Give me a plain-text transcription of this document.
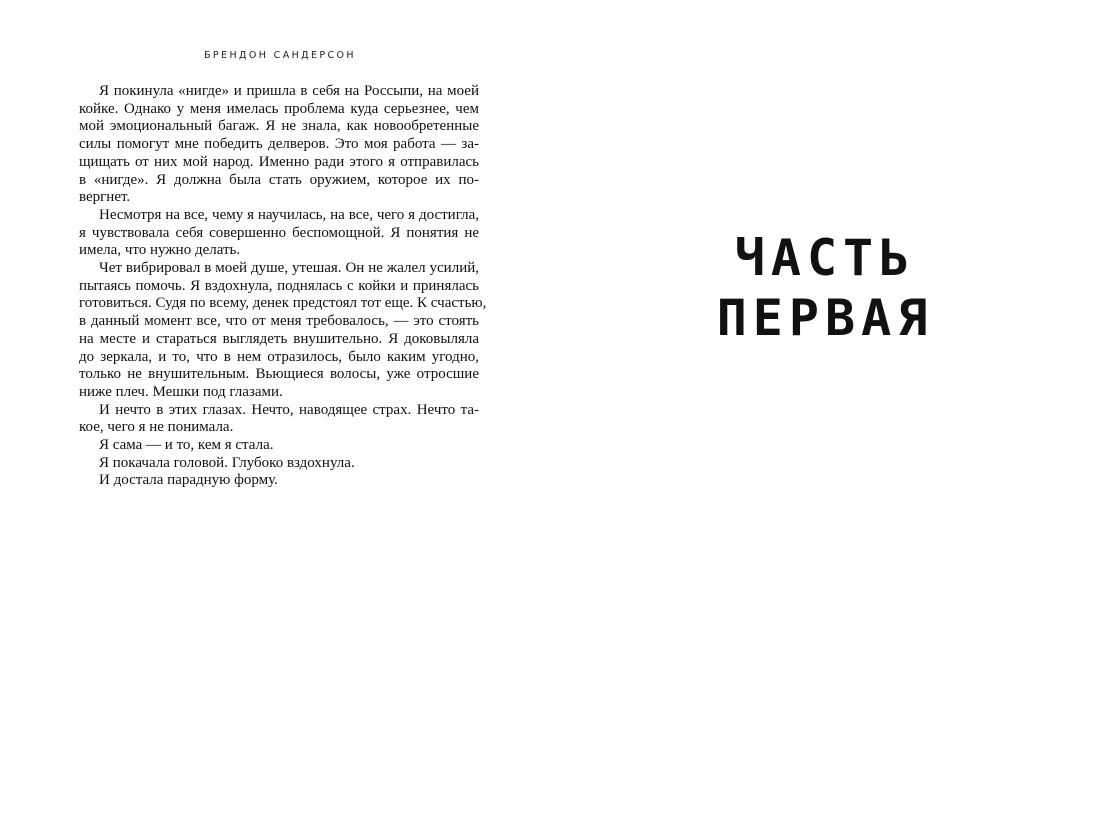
БРЕНДОН САНДЕРСОН
Я покинула «нигде» и пришла в себя на Россыпи, на моей
койке. Однако у меня имелась проблема куда серьезнее, чем
мой эмоциональный багаж. Я не знала, как новообретенные
силы помогут мне победить делверов. Это моя работа — за-
щищать от них мой народ. Именно ради этого я отправилась
в «нигде». Я должна была стать оружием, которое их по-
вергнет.
Несмотря на все, чему я научилась, на все, чего я достигла,
я чувствовала себя совершенно беспомощной. Я понятия не
имела, что нужно делать.
Чет вибрировал в моей душе, утешая. Он не жалел усилий,
пытаясь помочь. Я вздохнула, поднялась с койки и принялась
готовиться. Судя по всему, денек предстоял тот еще. К счастью,
в данный момент все, что от меня требовалось, — это стоять
на месте и стараться выглядеть внушительно. Я доковыляла
до зеркала, и то, что в нем отразилось, было каким угодно,
только не внушительным. Вьющиеся волосы, уже отросшие
ниже плеч. Мешки под глазами.
И нечто в этих глазах. Нечто, наводящее страх. Нечто та-
кое, чего я не понимала.
Я сама — и то, кем я стала.
Я покачала головой. Глубоко вздохнула.
И достала парадную форму.
ЧАСТЬ
ПЕРВАЯ
